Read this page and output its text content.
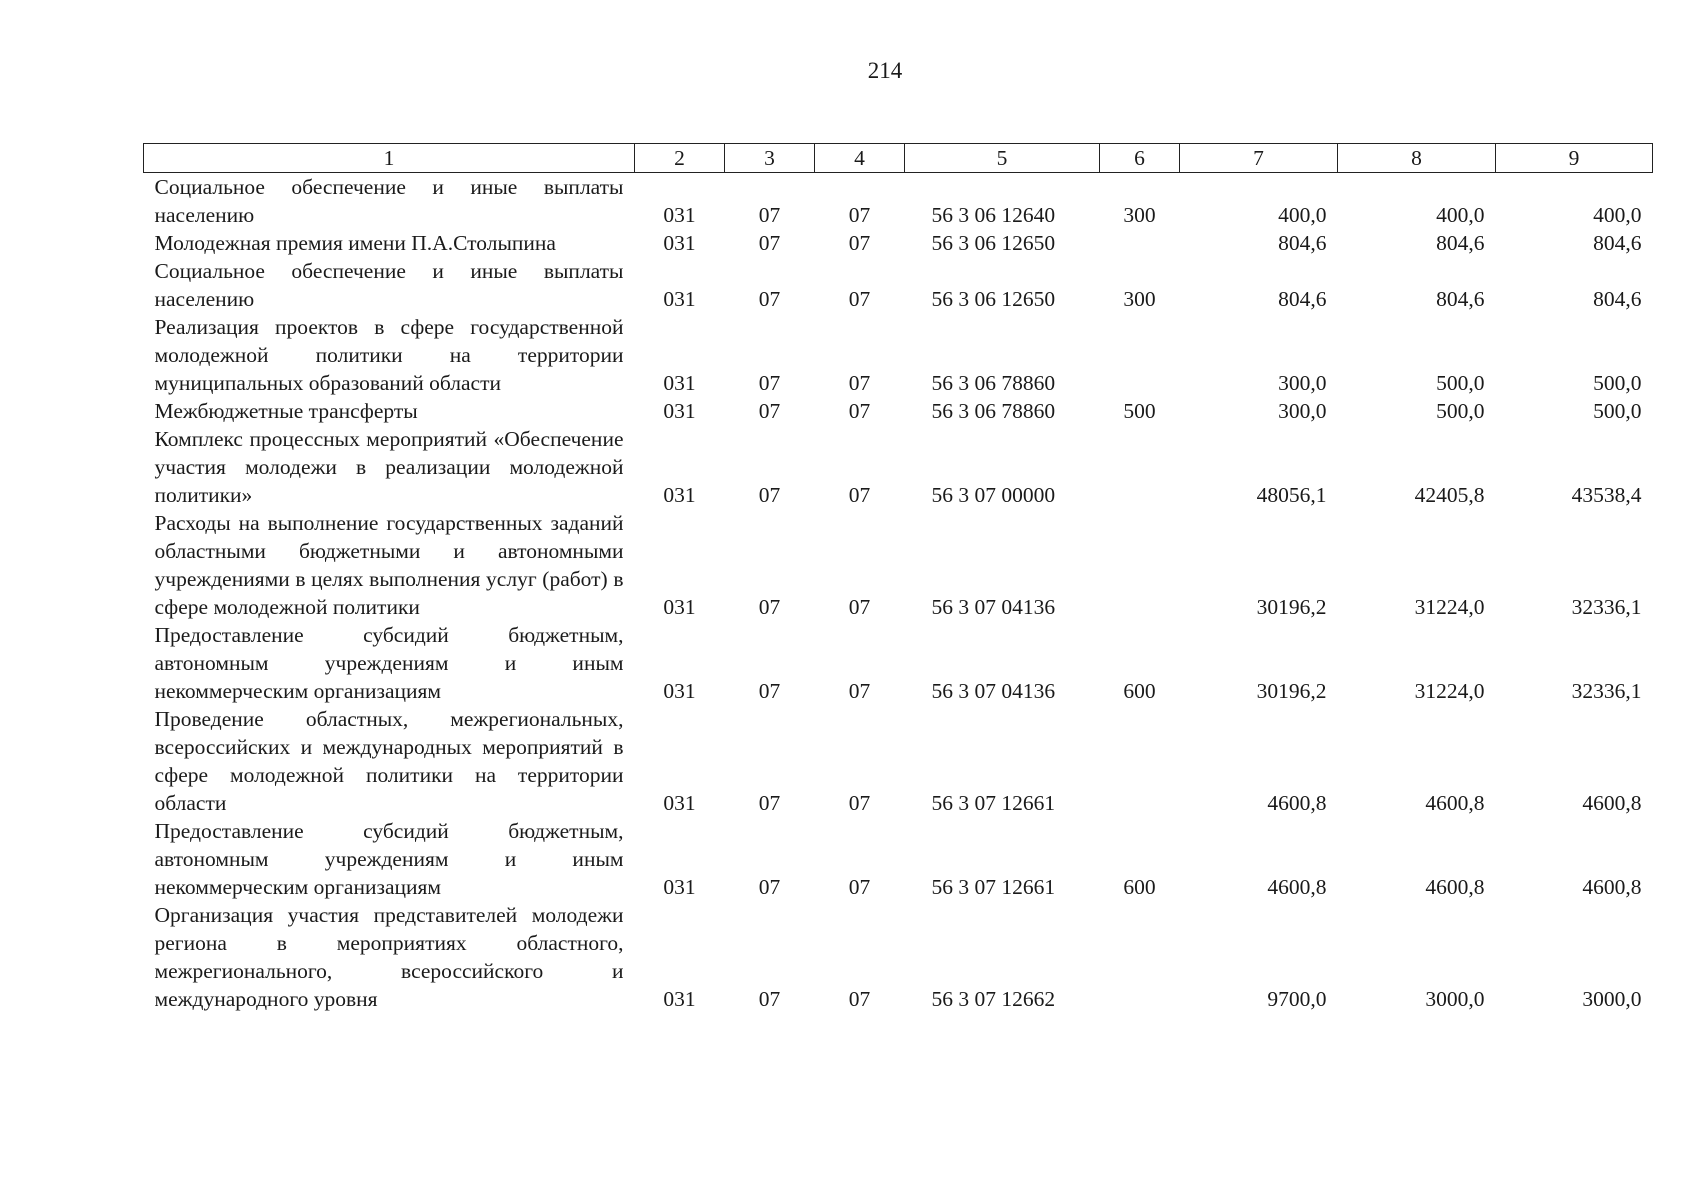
214
1	2	3	4	5	6	7	8	9
Социальное обеспечение и иные выплаты населению	031	07	07	56 3 06 12640	300	400,0	400,0	400,0
Молодежная премия имени П.А.Столыпина	031	07	07	56 3 06 12650		804,6	804,6	804,6
Социальное обеспечение и иные выплаты населению	031	07	07	56 3 06 12650	300	804,6	804,6	804,6
Реализация проектов в сфере государственной молодежной политики на территории муниципальных образований области	031	07	07	56 3 06 78860		300,0	500,0	500,0
Межбюджетные трансферты	031	07	07	56 3 06 78860	500	300,0	500,0	500,0
Комплекс процессных мероприятий «Обеспечение участия молодежи в реализации молодежной политики»	031	07	07	56 3 07 00000		48056,1	42405,8	43538,4
Расходы на выполнение государственных заданий областными бюджетными и автономными учреждениями в целях выполнения услуг (работ) в сфере молодежной политики	031	07	07	56 3 07 04136		30196,2	31224,0	32336,1
Предоставление субсидий бюджетным, автономным учреждениям и иным некоммерческим организациям	031	07	07	56 3 07 04136	600	30196,2	31224,0	32336,1
Проведение областных, межрегиональных, всероссийских и международных мероприятий в сфере молодежной политики на территории области	031	07	07	56 3 07 12661		4600,8	4600,8	4600,8
Предоставление субсидий бюджетным, автономным учреждениям и иным некоммерческим организациям	031	07	07	56 3 07 12661	600	4600,8	4600,8	4600,8
Организация участия представителей молодежи региона в мероприятиях областного, межрегионального, всероссийского и международного уровня	031	07	07	56 3 07 12662		9700,0	3000,0	3000,0
